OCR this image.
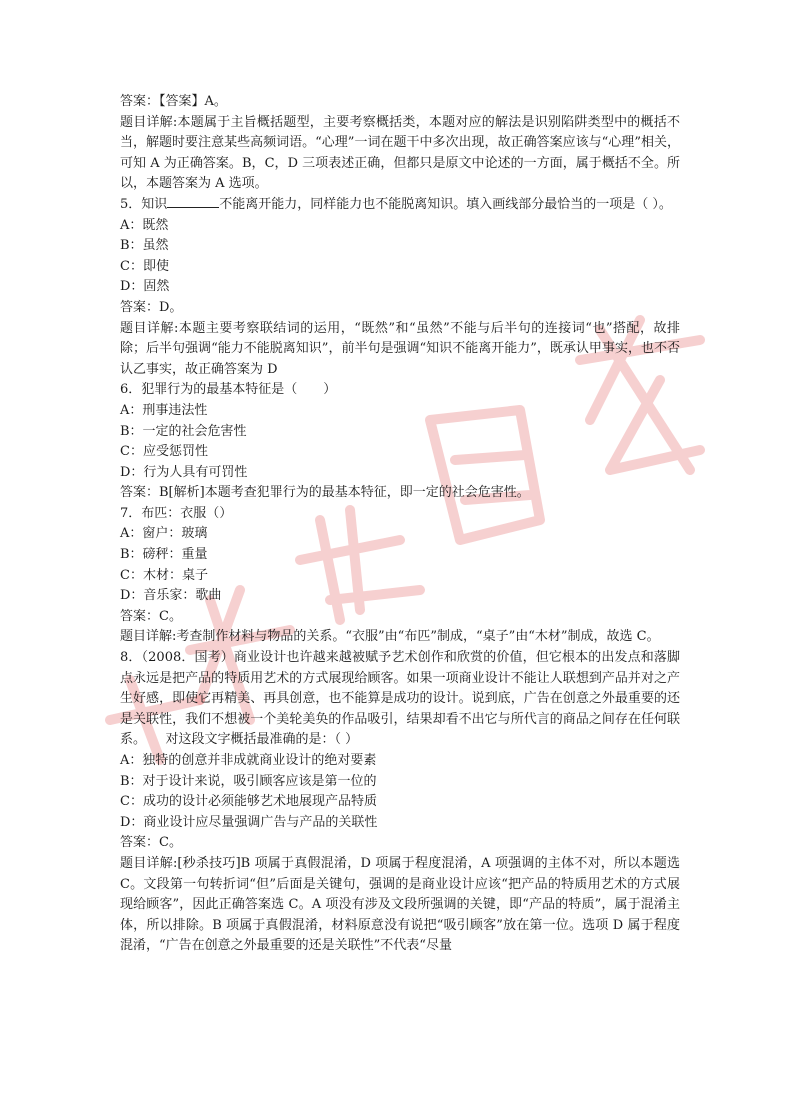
答案：【答案】A。
题目详解:本题属于主旨概括题型，主要考察概括类，本题对应的解法是识别陷阱类型中的概括不当，解题时要注意某些高频词语。“心理”一词在题干中多次出现，故正确答案应该与“心理”相关，可知 A 为正确答案。B，C，D 三项表述正确，但都只是原文中论述的一方面，属于概括不全。所以，本题答案为 A 选项。
5．知识	不能离开能力，同样能力也不能脱离知识。填入画线部分最恰当的一项是（ ）。
A：既然
B：虽然
C：即使
D：固然
答案：D。
题目详解:本题主要考察联结词的运用，“既然”和“虽然”不能与后半句的连接词“也”搭配，故排除；后半句强调“能力不能脱离知识”，前半句是强调“知识不能离开能力”，既承认甲事实，也不否认乙事实，故正确答案为 D
6．犯罪行为的最基本特征是（　　）
A：刑事违法性
B：一定的社会危害性
C：应受惩罚性
D：行为人具有可罚性
答案：B[解析]本题考查犯罪行为的最基本特征，即一定的社会危害性。
7．布匹：衣服（）
A：窗户：玻璃
B：磅秤：重量
C：木材：桌子
D：音乐家：歌曲
答案：C。
题目详解:考查制作材料与物品的关系。“衣服”由“布匹”制成，“桌子”由“木材”制成，故选 C。
8．（2008．国考）商业设计也许越来越被赋予艺术创作和欣赏的价值，但它根本的出发点和落脚点永远是把产品的特质用艺术的方式展现给顾客。如果一项商业设计不能让人联想到产品并对之产生好感，即使它再精美、再具创意，也不能算是成功的设计。说到底，广告在创意之外最重要的还是关联性，我们不想被一个美轮美奂的作品吸引，结果却看不出它与所代言的商品之间存在任何联系。　　对这段文字概括最准确的是：（ ）
A：独特的创意并非成就商业设计的绝对要素
B：对于设计来说，吸引顾客应该是第一位的
C：成功的设计必须能够艺术地展现产品特质
D：商业设计应尽量强调广告与产品的关联性
答案：C。
题目详解:[秒杀技巧]B 项属于真假混淆，D 项属于程度混淆，A 项强调的主体不对，所以本题选 C。文段第一句转折词“但”后面是关键句，强调的是商业设计应该“把产品的特质用艺术的方式展现给顾客”，因此正确答案选 C。A 项没有涉及文段所强调的关键，即“产品的特质”，属于混淆主体，所以排除。B 项属于真假混淆，材料原意没有说把“吸引顾客”放在第一位。选项 D 属于程度混淆，“广告在创意之外最重要的还是关联性”不代表“尽量
